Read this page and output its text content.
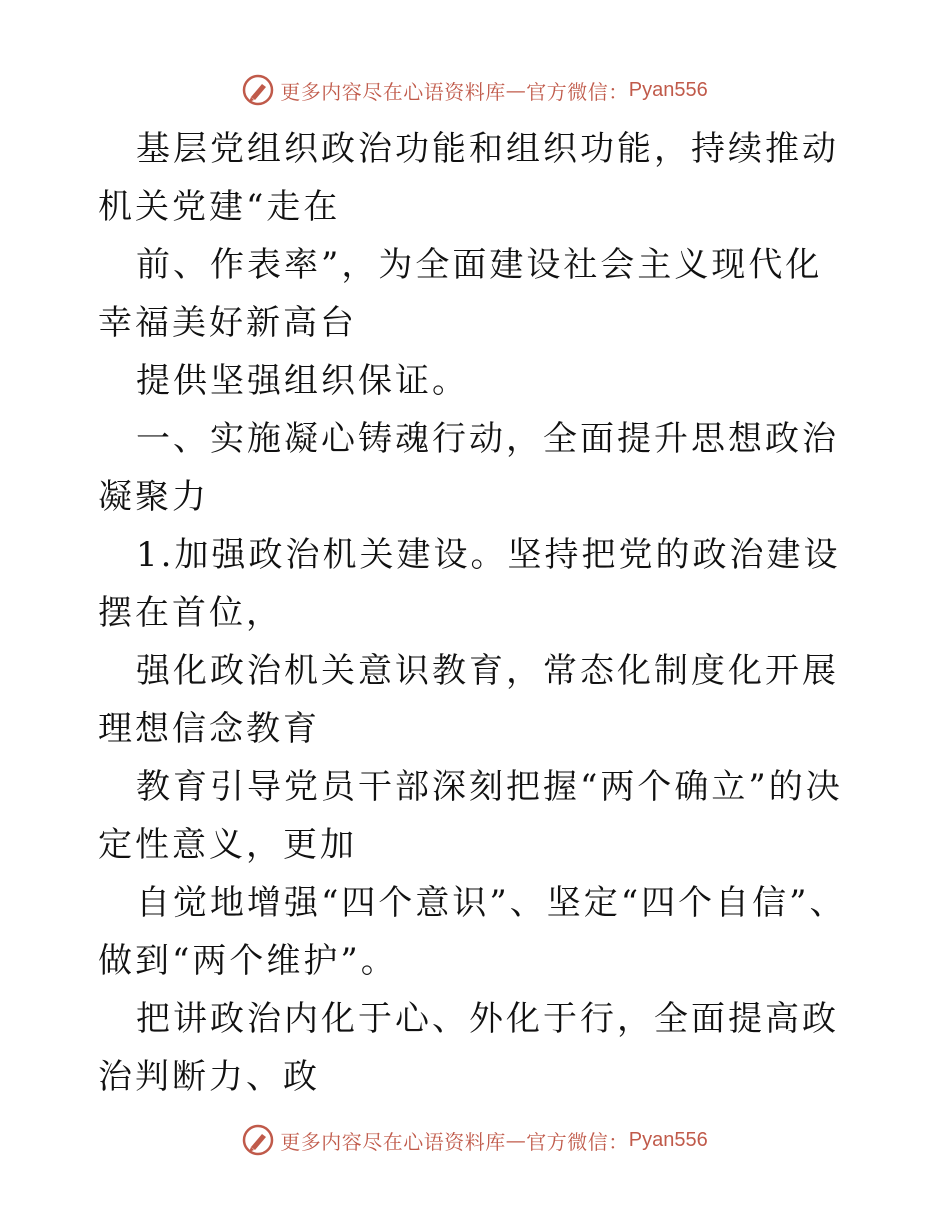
更多内容尽在心语资料库 — 官方微信： Pyan556

基层党组织政治功能和组织功能，持续推动机关党建“走在

前、作表率”，为全面建设社会主义现代化幸福美好新高台

提供坚强组织保证。

一、实施凝心铸魂行动，全面提升思想政治凝聚力

1.加强政治机关建设。坚持把党的政治建设摆在首位，

强化政治机关意识教育，常态化制度化开展理想信念教育

教育引导党员干部深刻把握“两个确立”的决定性意义，更加

自觉地增强“四个意识”、坚定“四个自信”、做到“两个维护”。

把讲政治内化于心、外化于行，全面提高政治判断力、政

更多内容尽在心语资料库 — 官方微信： Pyan556
